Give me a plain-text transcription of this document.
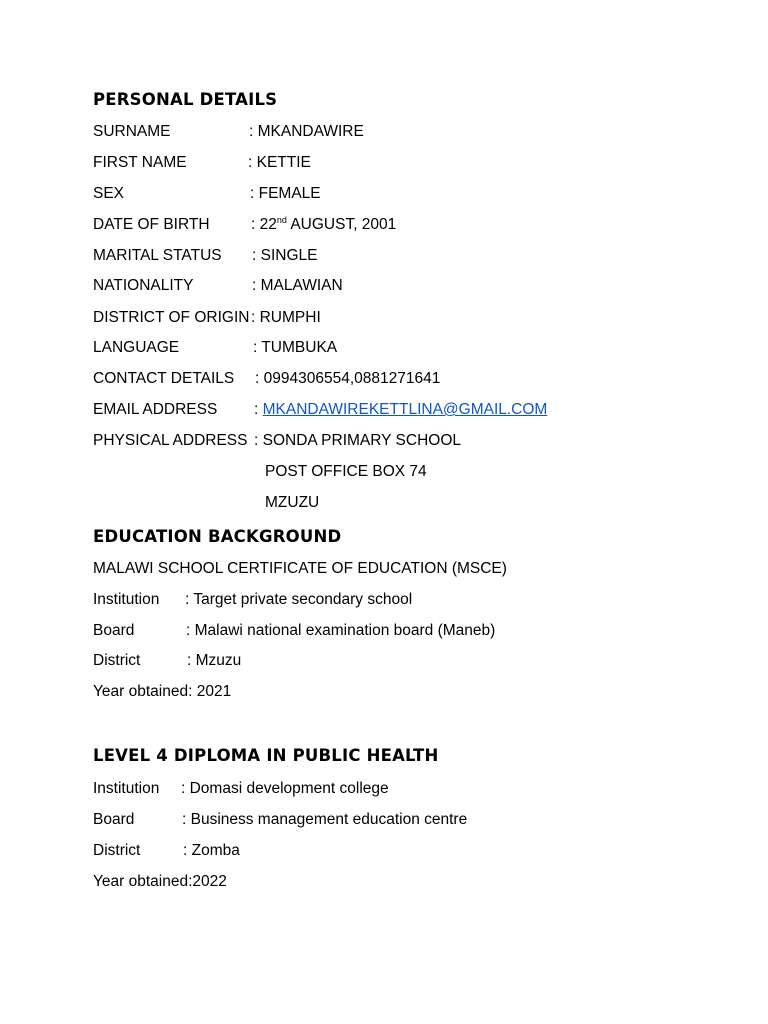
PERSONAL DETAILS
SURNAME	: MKANDAWIRE
FIRST NAME	: KETTIE
SEX	: FEMALE
DATE OF BIRTH	: 22nd AUGUST, 2001
MARITAL STATUS : SINGLE
NATIONALITY	: MALAWIAN
DISTRICT OF ORIGIN : RUMPHI
LANGUAGE	: TUMBUKA
CONTACT DETAILS : 0994306554,0881271641
EMAIL ADDRESS : MKANDAWIREKETTLINA@GMAIL.COM
PHYSICAL ADDRESS : SONDA PRIMARY SCHOOL
POST OFFICE BOX 74
MZUZU
EDUCATION BACKGROUND
MALAWI SCHOOL CERTIFICATE OF EDUCATION (MSCE)
Institution : Target private secondary school
Board	: Malawi national examination board (Maneb)
District	: Mzuzu
Year obtained: 2021
LEVEL 4 DIPLOMA IN PUBLIC HEALTH
Institution : Domasi development college
Board	: Business management education centre
District	: Zomba
Year obtained:2022
